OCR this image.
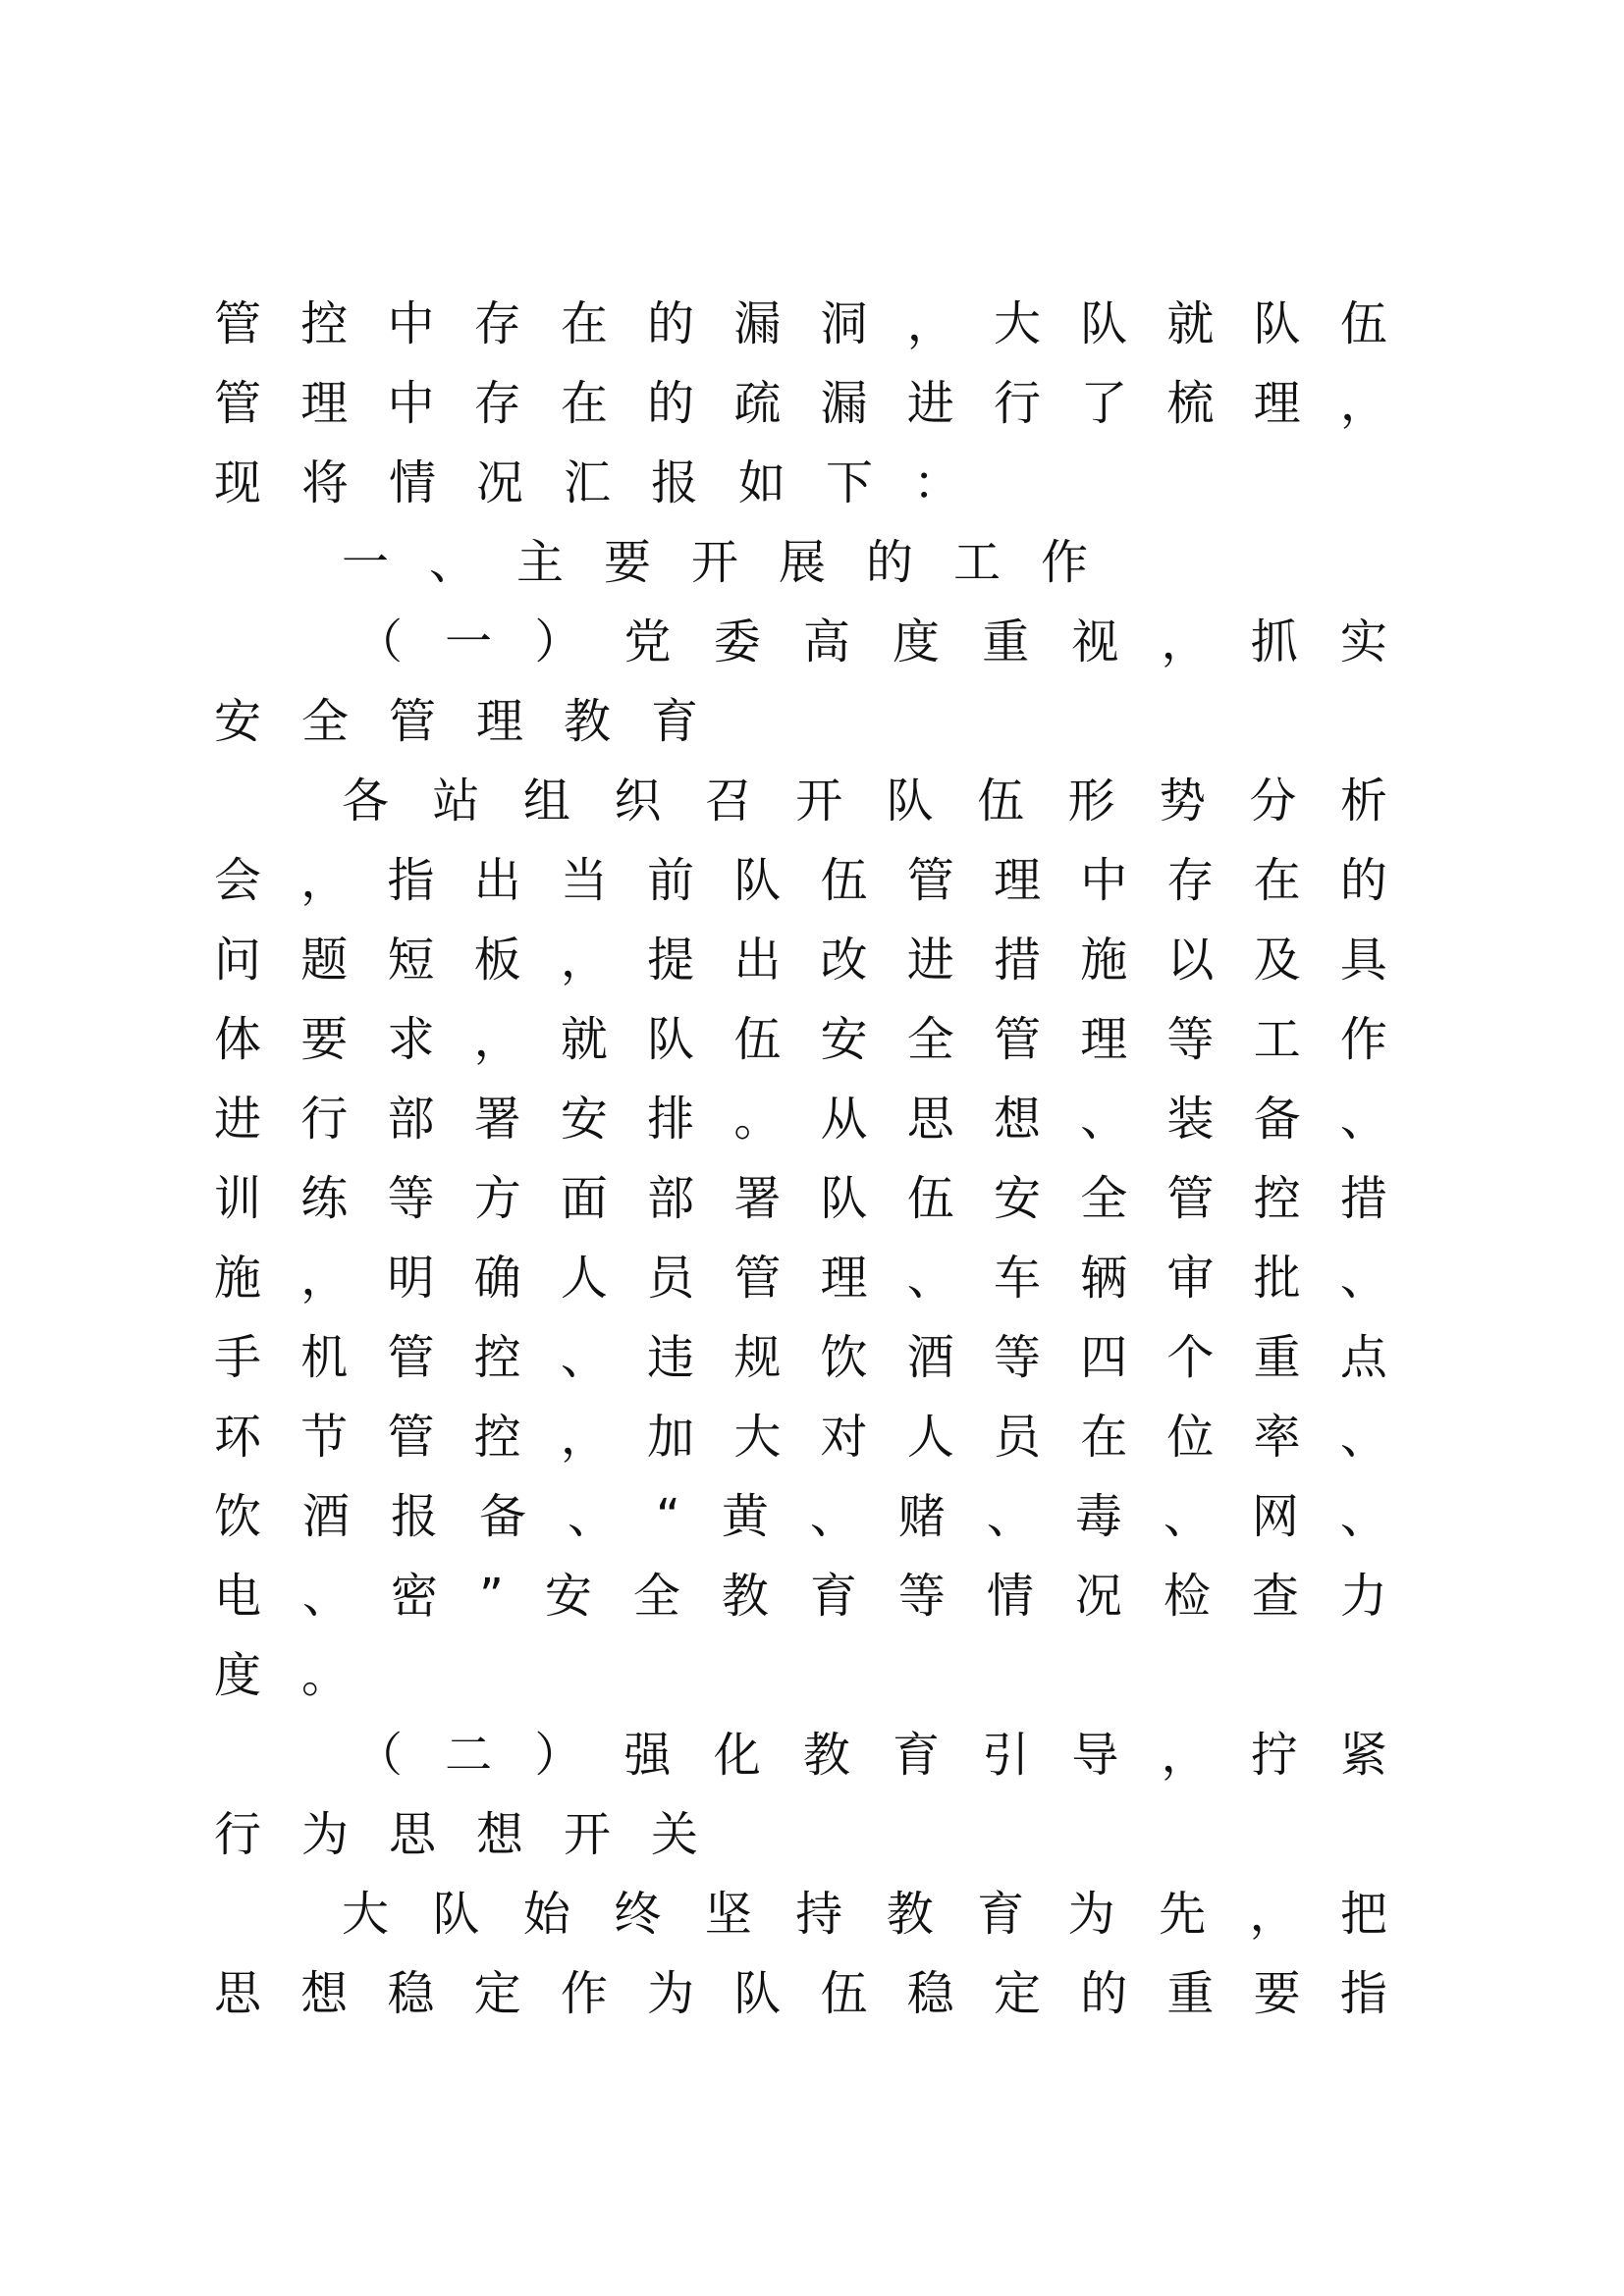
管 控 中 存 在 的 漏 洞 ， 大 队 就 队 伍
管 理 中 存 在 的 疏 漏 进 行 了 梳 理 ，
现将情况汇报如下：
一、主要开展的工作
（ 一 ） 党 委 高 度 重 视 ， 抓 实
安全管理教育
各 站 组 织 召 开 队 伍 形 势 分 析
会 ， 指 出 当 前 队 伍 管 理 中 存 在 的
问 题 短 板 ， 提 出 改 进 措 施 以 及 具
体 要 求 ， 就 队 伍 安 全 管 理 等 工 作
进 行 部 署 安 排 。 从 思 想 、 装 备 、
训 练 等 方 面 部 署 队 伍 安 全 管 控 措
施 ， 明 确 人 员 管 理 、 车 辆 审 批 、
手 机 管 控 、 违 规 饮 酒 等 四 个 重 点
环 节 管 控 ， 加 大 对 人 员 在 位 率 、
饮 酒 报 备 、 “ 黄 、 赌 、 毒 、 网 、
电 、 密 ” 安 全 教 育 等 情 况 检 查 力
度。
（ 二 ） 强 化 教 育 引 导 ， 拧 紧
行为思想开关
大 队 始 终 坚 持 教 育 为 先 ， 把
思 想 稳 定 作 为 队 伍 稳 定 的 重 要 指
